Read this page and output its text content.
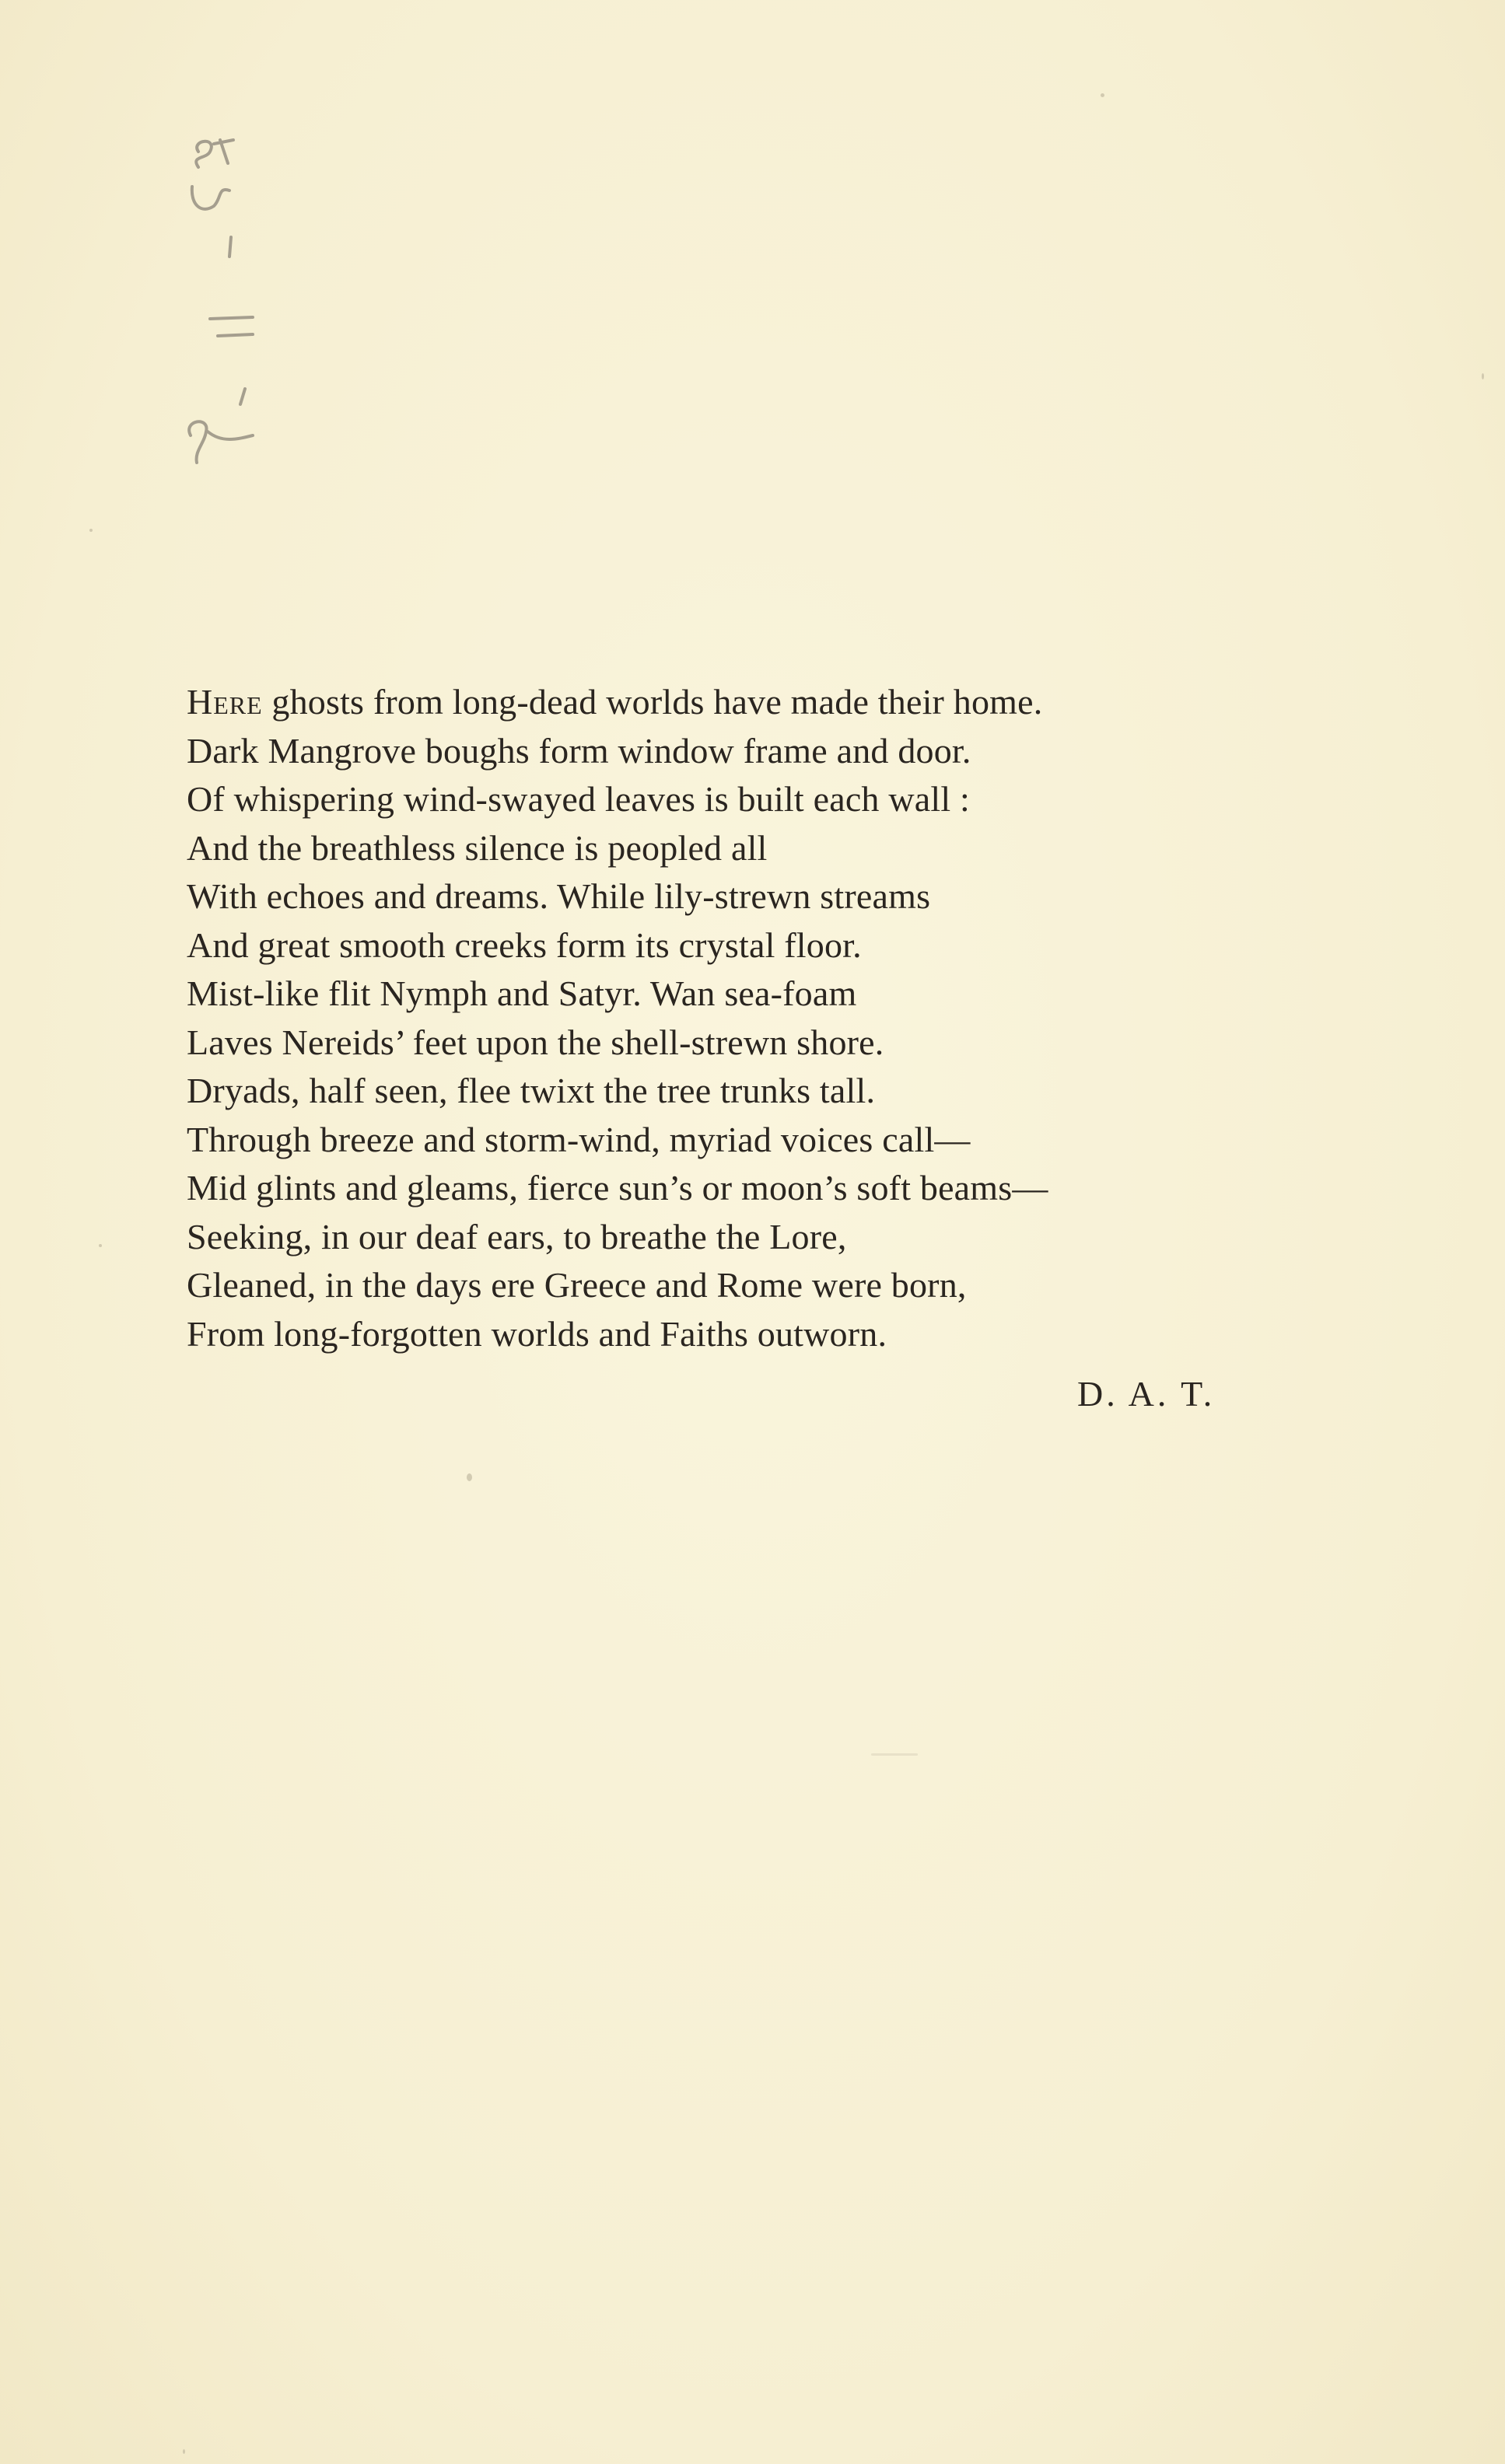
Here ghosts from long-dead worlds have made their home.
Dark Mangrove boughs form window frame and door.
Of whispering wind-swayed leaves is built each wall :
And the breathless silence is peopled all
With echoes and dreams. While lily-strewn streams
And great smooth creeks form its crystal floor.
Mist-like flit Nymph and Satyr. Wan sea-foam
Laves Nereids’ feet upon the shell-strewn shore.
Dryads, half seen, flee twixt the tree trunks tall.
Through breeze and storm-wind, myriad voices call—
Mid glints and gleams, fierce sun’s or moon’s soft beams—
Seeking, in our deaf ears, to breathe the Lore,
Gleaned, in the days ere Greece and Rome were born,
From long-forgotten worlds and Faiths outworn.
D. A. T.
